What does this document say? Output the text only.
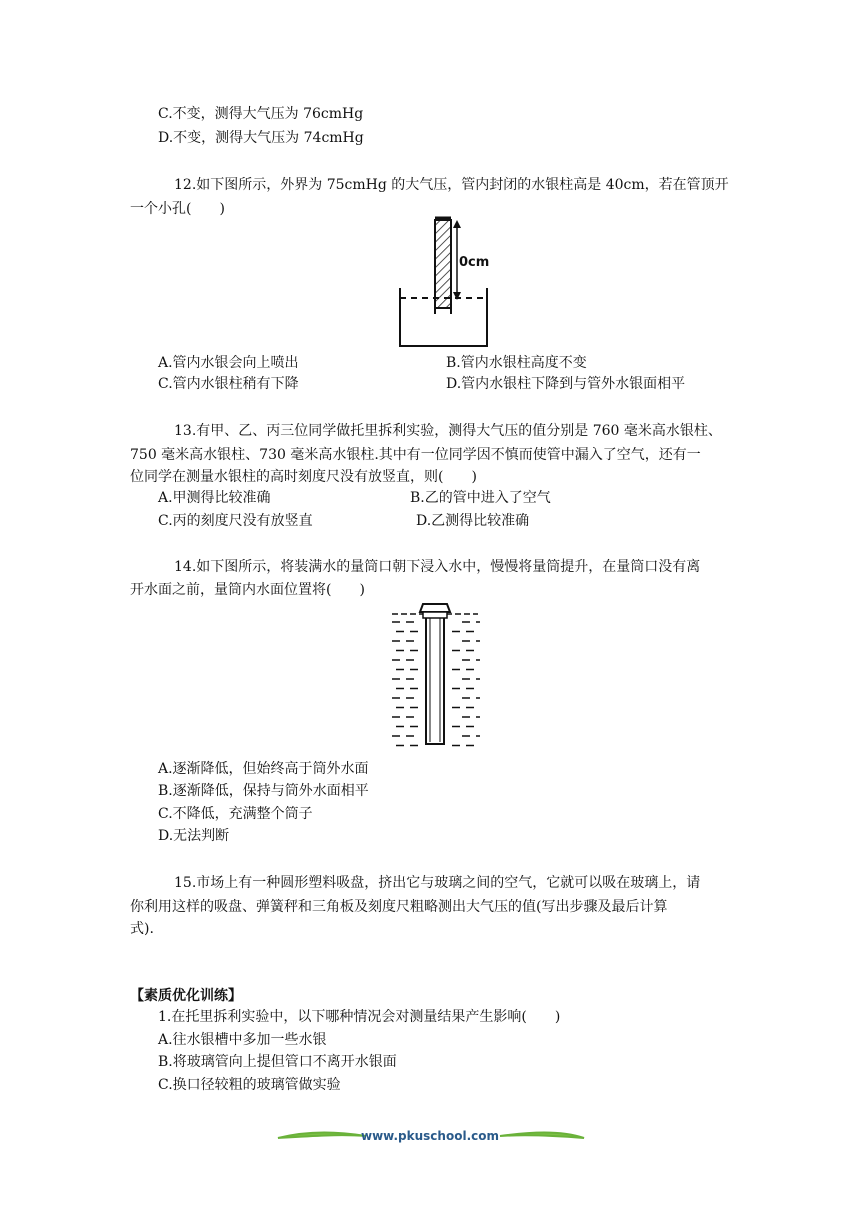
C.不变，测得大气压为 76cmHg
D.不变，测得大气压为 74cmHg
12.如下图所示，外界为 75cmHg 的大气压，管内封闭的水银柱高是 40cm，若在管顶开
一个小孔(　　)
0cm
A.管内水银会向上喷出	B.管内水银柱高度不变
C.管内水银柱稍有下降	D.管内水银柱下降到与管外水银面相平
13.有甲、乙、丙三位同学做托里拆利实验，测得大气压的值分别是 760 毫米高水银柱、
750 毫米高水银柱、730 毫米高水银柱.其中有一位同学因不慎而使管中漏入了空气，还有一
位同学在测量水银柱的高时刻度尺没有放竖直，则(　　)
A.甲测得比较准确	B.乙的管中进入了空气
C.丙的刻度尺没有放竖直	D.乙测得比较准确
14.如下图所示，将装满水的量筒口朝下浸入水中，慢慢将量筒提升，在量筒口没有离
开水面之前，量筒内水面位置将(　　)
A.逐渐降低，但始终高于筒外水面
B.逐渐降低，保持与筒外水面相平
C.不降低，充满整个筒子
D.无法判断
15.市场上有一种圆形塑料吸盘，挤出它与玻璃之间的空气，它就可以吸在玻璃上，请
你利用这样的吸盘、弹簧秤和三角板及刻度尺粗略测出大气压的值(写出步骤及最后计算
式).
【素质优化训练】
1.在托里拆利实验中，以下哪种情况会对测量结果产生影响(　　)
A.往水银槽中多加一些水银
B.将玻璃管向上提但管口不离开水银面
C.换口径较粗的玻璃管做实验
www.pkuschool.com
